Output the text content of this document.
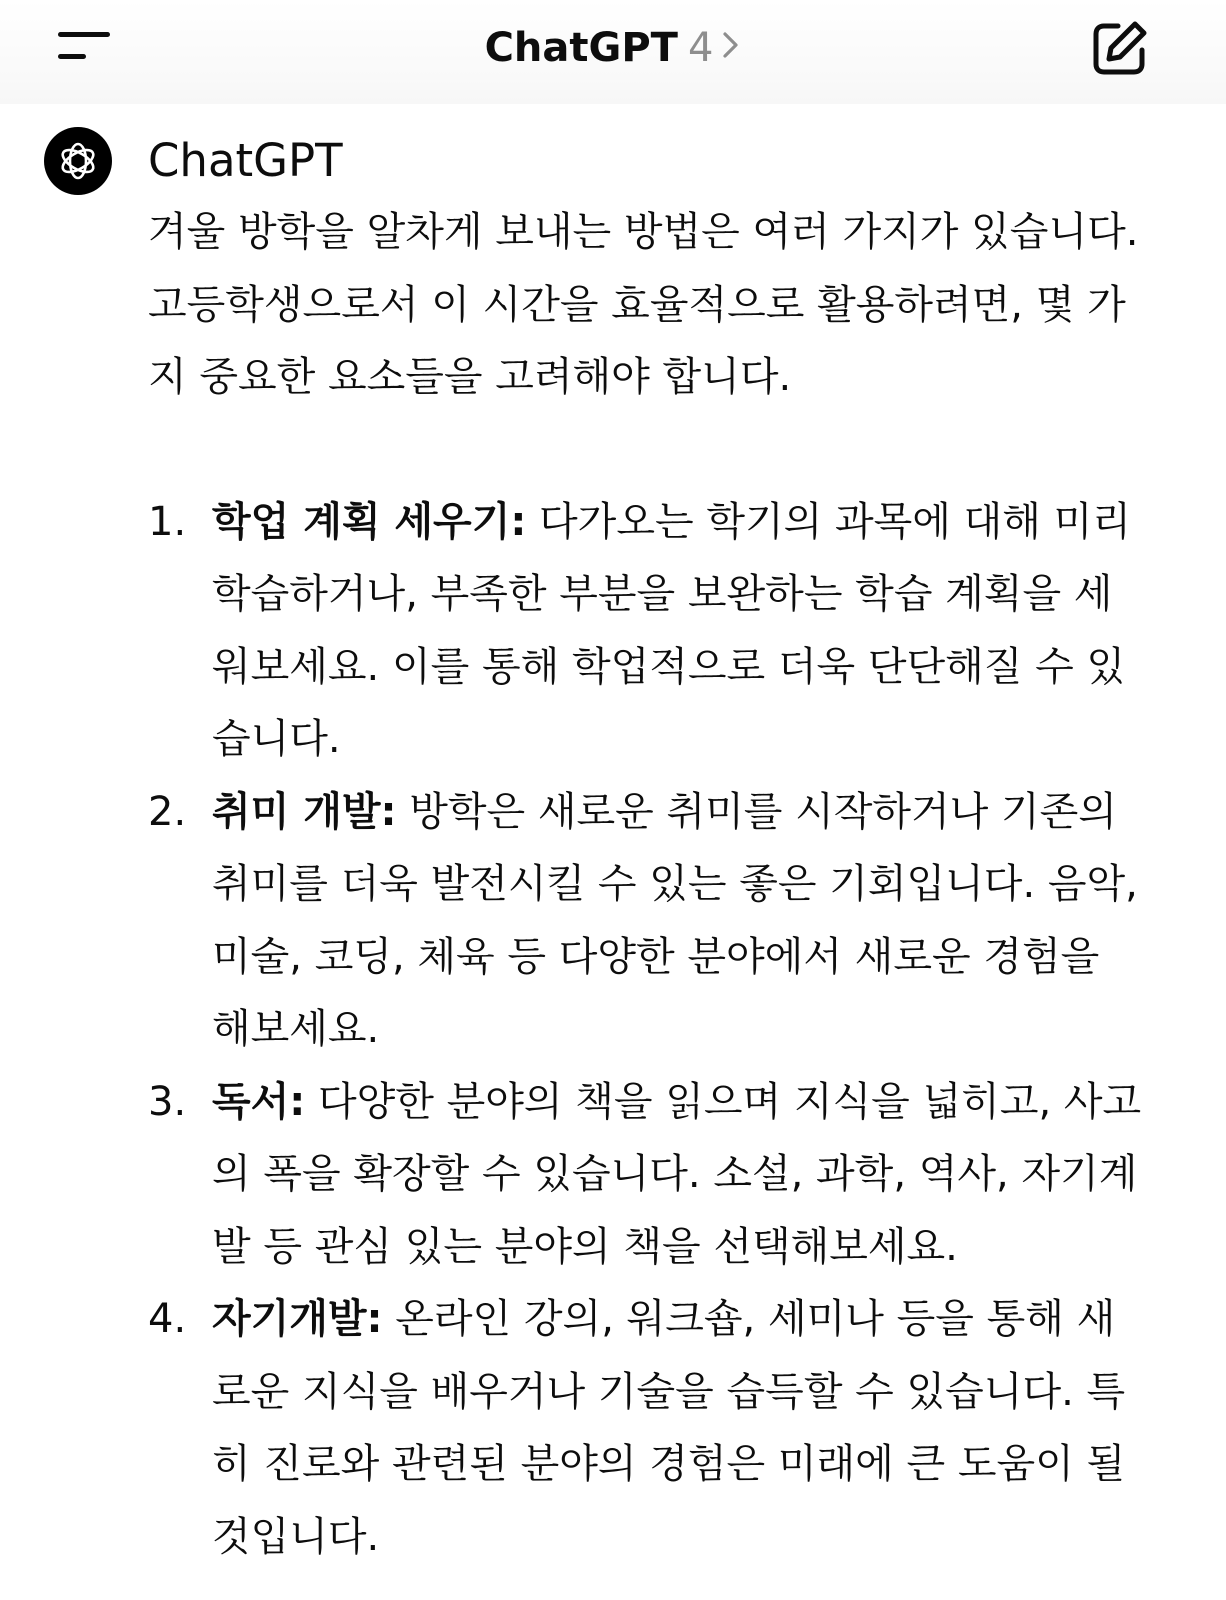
ChatGPT 4
ChatGPT

겨울 방학을 알차게 보내는 방법은 여러 가지가 있습니다. 고등학생으로서 이 시간을 효율적으로 활용하려면, 몇 가지 중요한 요소들을 고려해야 합니다.

1. 학업 계획 세우기: 다가오는 학기의 과목에 대해 미리 학습하거나, 부족한 부분을 보완하는 학습 계획을 세워보세요. 이를 통해 학업적으로 더욱 단단해질 수 있습니다.
2. 취미 개발: 방학은 새로운 취미를 시작하거나 기존의 취미를 더욱 발전시킬 수 있는 좋은 기회입니다. 음악, 미술, 코딩, 체육 등 다양한 분야에서 새로운 경험을 해보세요.
3. 독서: 다양한 분야의 책을 읽으며 지식을 넓히고, 사고의 폭을 확장할 수 있습니다. 소설, 과학, 역사, 자기계발 등 관심 있는 분야의 책을 선택해보세요.
4. 자기개발: 온라인 강의, 워크숍, 세미나 등을 통해 새로운 지식을 배우거나 기술을 습득할 수 있습니다. 특히 진로와 관련된 분야의 경험은 미래에 큰 도움이 될 것입니다.
